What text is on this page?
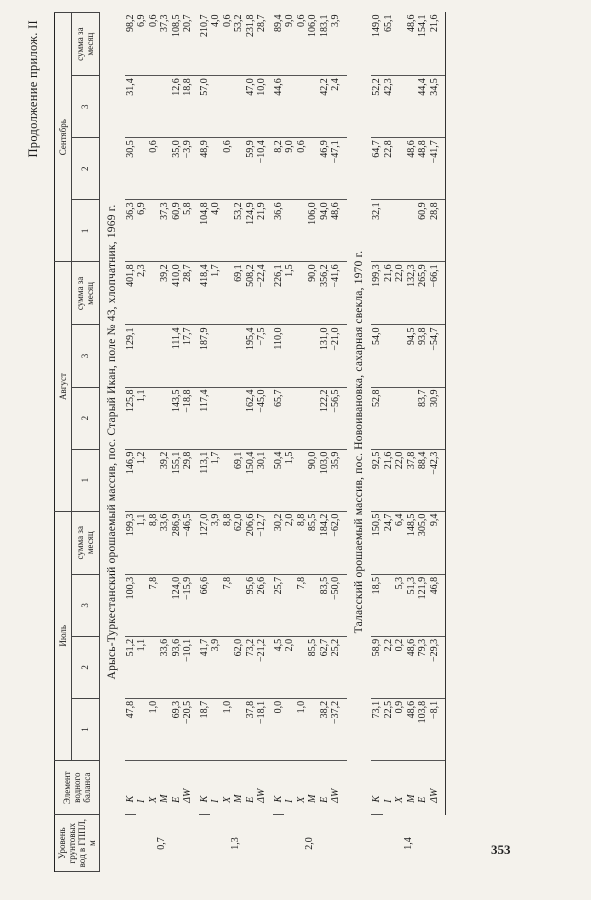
Продолжение прилож. II
Уровень грунтовых вод в ГППЛ, м	Элемент водного баланса	Июль				Август				Сентябрь			
		1	2	3	сумма за месяц	1	2	3	сумма за месяц	1	2	3	сумма за месяц
Арысь-Туркестанский орошаемый массив, пос. Старый Икан, поле № 43, хлопчатник, 1969 г.													
0,7	K	47,8	51,2	100,3	199,3	146,9	125,8	129,1	401,8	36,3	30,5	31,4	98,2
	I		1,1		1,1	1,2	1,1		2,3	6,9			6,9
	X	1,0		7,8	8,8						0,6		0,6
	M		33,6		33,6	39,2			39,2	37,3			37,3
	E	69,3	93,6	124,0	286,9	155,1	143,5	111,4	410,0	60,9	35,0	12,6	108,5
	ΔW	−20,5	−10,1	−15,9	−46,5	29,8	−18,8	17,7	28,7	5,8	−3,9	18,8	20,7
1,3	K	18,7	41,7	66,6	127,0	113,1	117,4	187,9	418,4	104,8	48,9	57,0	210,7
	I		3,9		3,9	1,7			1,7	4,0			4,0
	X	1,0		7,8	8,8						0,6		0,6
	M		62,0		62,0	69,1			69,1	53,2			53,2
	E	37,8	73,2	95,6	206,6	150,4	162,4	195,4	508,2	124,9	59,9	47,0	231,8
	ΔW	−18,1	−21,2	26,6	−12,7	30,1	−45,0	−7,5	−22,4	21,9	−10,4	10,0	28,7
2,0	K	0,0	4,5	25,7	30,2	50,4	65,7	110,0	226,1	36,6	8,2	44,6	89,4
	I		2,0		2,0	1,5			1,5		9,0		9,0
	X	1,0		7,8	8,8						0,6		0,6
	M		85,5		85,5	90,0			90,0	106,0			106,0
	E	38,2	62,7	83,5	184,2	103,0	122,2	131,0	356,2	94,0	46,9	42,2	183,1
	ΔW	−37,2	25,2	−50,0	−62,0	35,9	−56,5	−21,0	−41,6	48,6	−47,1	2,4	3,9
Таласский орошаемый массив, пос. Новоивановка, сахарная свекла, 1970 г.													
1,4	K	73,1	58,9	18,5	150,5	92,5	52,8	54,0	199,3	32,1	64,7	52,2	149,0
	I	22,5	2,2		24,7	21,6			21,6		22,8	42,3	65,1
	X	0,9	0,2	5,3	6,4	22,0			22,0				
	M	48,6	48,6	51,3	148,5	37,8		94,5	132,3		48,6		48,6
	E	103,8	79,3	121,9	305,0	88,4	83,7	93,8	265,9	60,9	48,8	44,4	154,1
	ΔW	−8,1	−29,3	46,8	9,4	−42,3	30,9	−54,7	−66,1	28,8	−41,7	34,5	21,6
353
